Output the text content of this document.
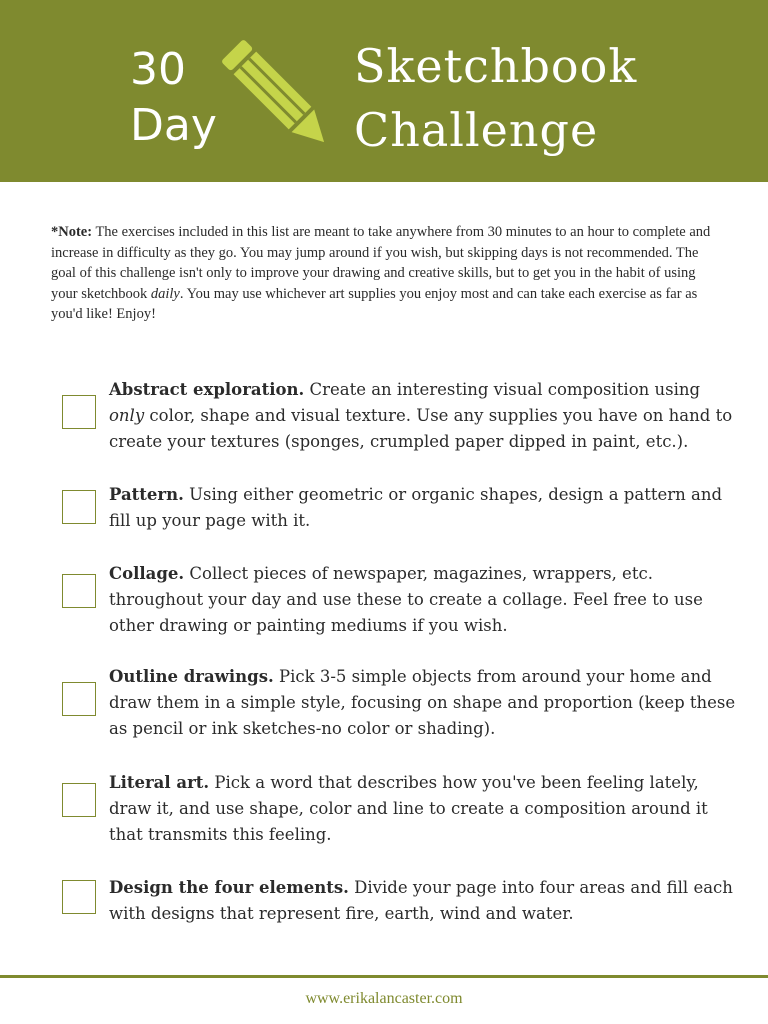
30
Day
Sketchbook
Challenge
*Note: The exercises included in this list are meant to take anywhere from 30 minutes to an hour to complete and increase in difficulty as they go. You may jump around if you wish, but skipping days is not recommended. The goal of this challenge isn't only to improve your drawing and creative skills, but to get you in the habit of using your sketchbook daily. You may use whichever art supplies you enjoy most and can take each exercise as far as you'd like! Enjoy!
Abstract exploration. Create an interesting visual composition using only color, shape and visual texture. Use any supplies you have on hand to create your textures (sponges, crumpled paper dipped in paint, etc.).
Pattern. Using either geometric or organic shapes, design a pattern and fill up your page with it.
Collage. Collect pieces of newspaper, magazines, wrappers, etc. throughout your day and use these to create a collage. Feel free to use other drawing or painting mediums if you wish.
Outline drawings. Pick 3-5 simple objects from around your home and draw them in a simple style, focusing on shape and proportion (keep these as pencil or ink sketches-no color or shading).
Literal art. Pick a word that describes how you've been feeling lately, draw it, and use shape, color and line to create a composition around it that transmits this feeling.
Design the four elements. Divide your page into four areas and fill each with designs that represent fire, earth, wind and water.
www.erikalancaster.com
